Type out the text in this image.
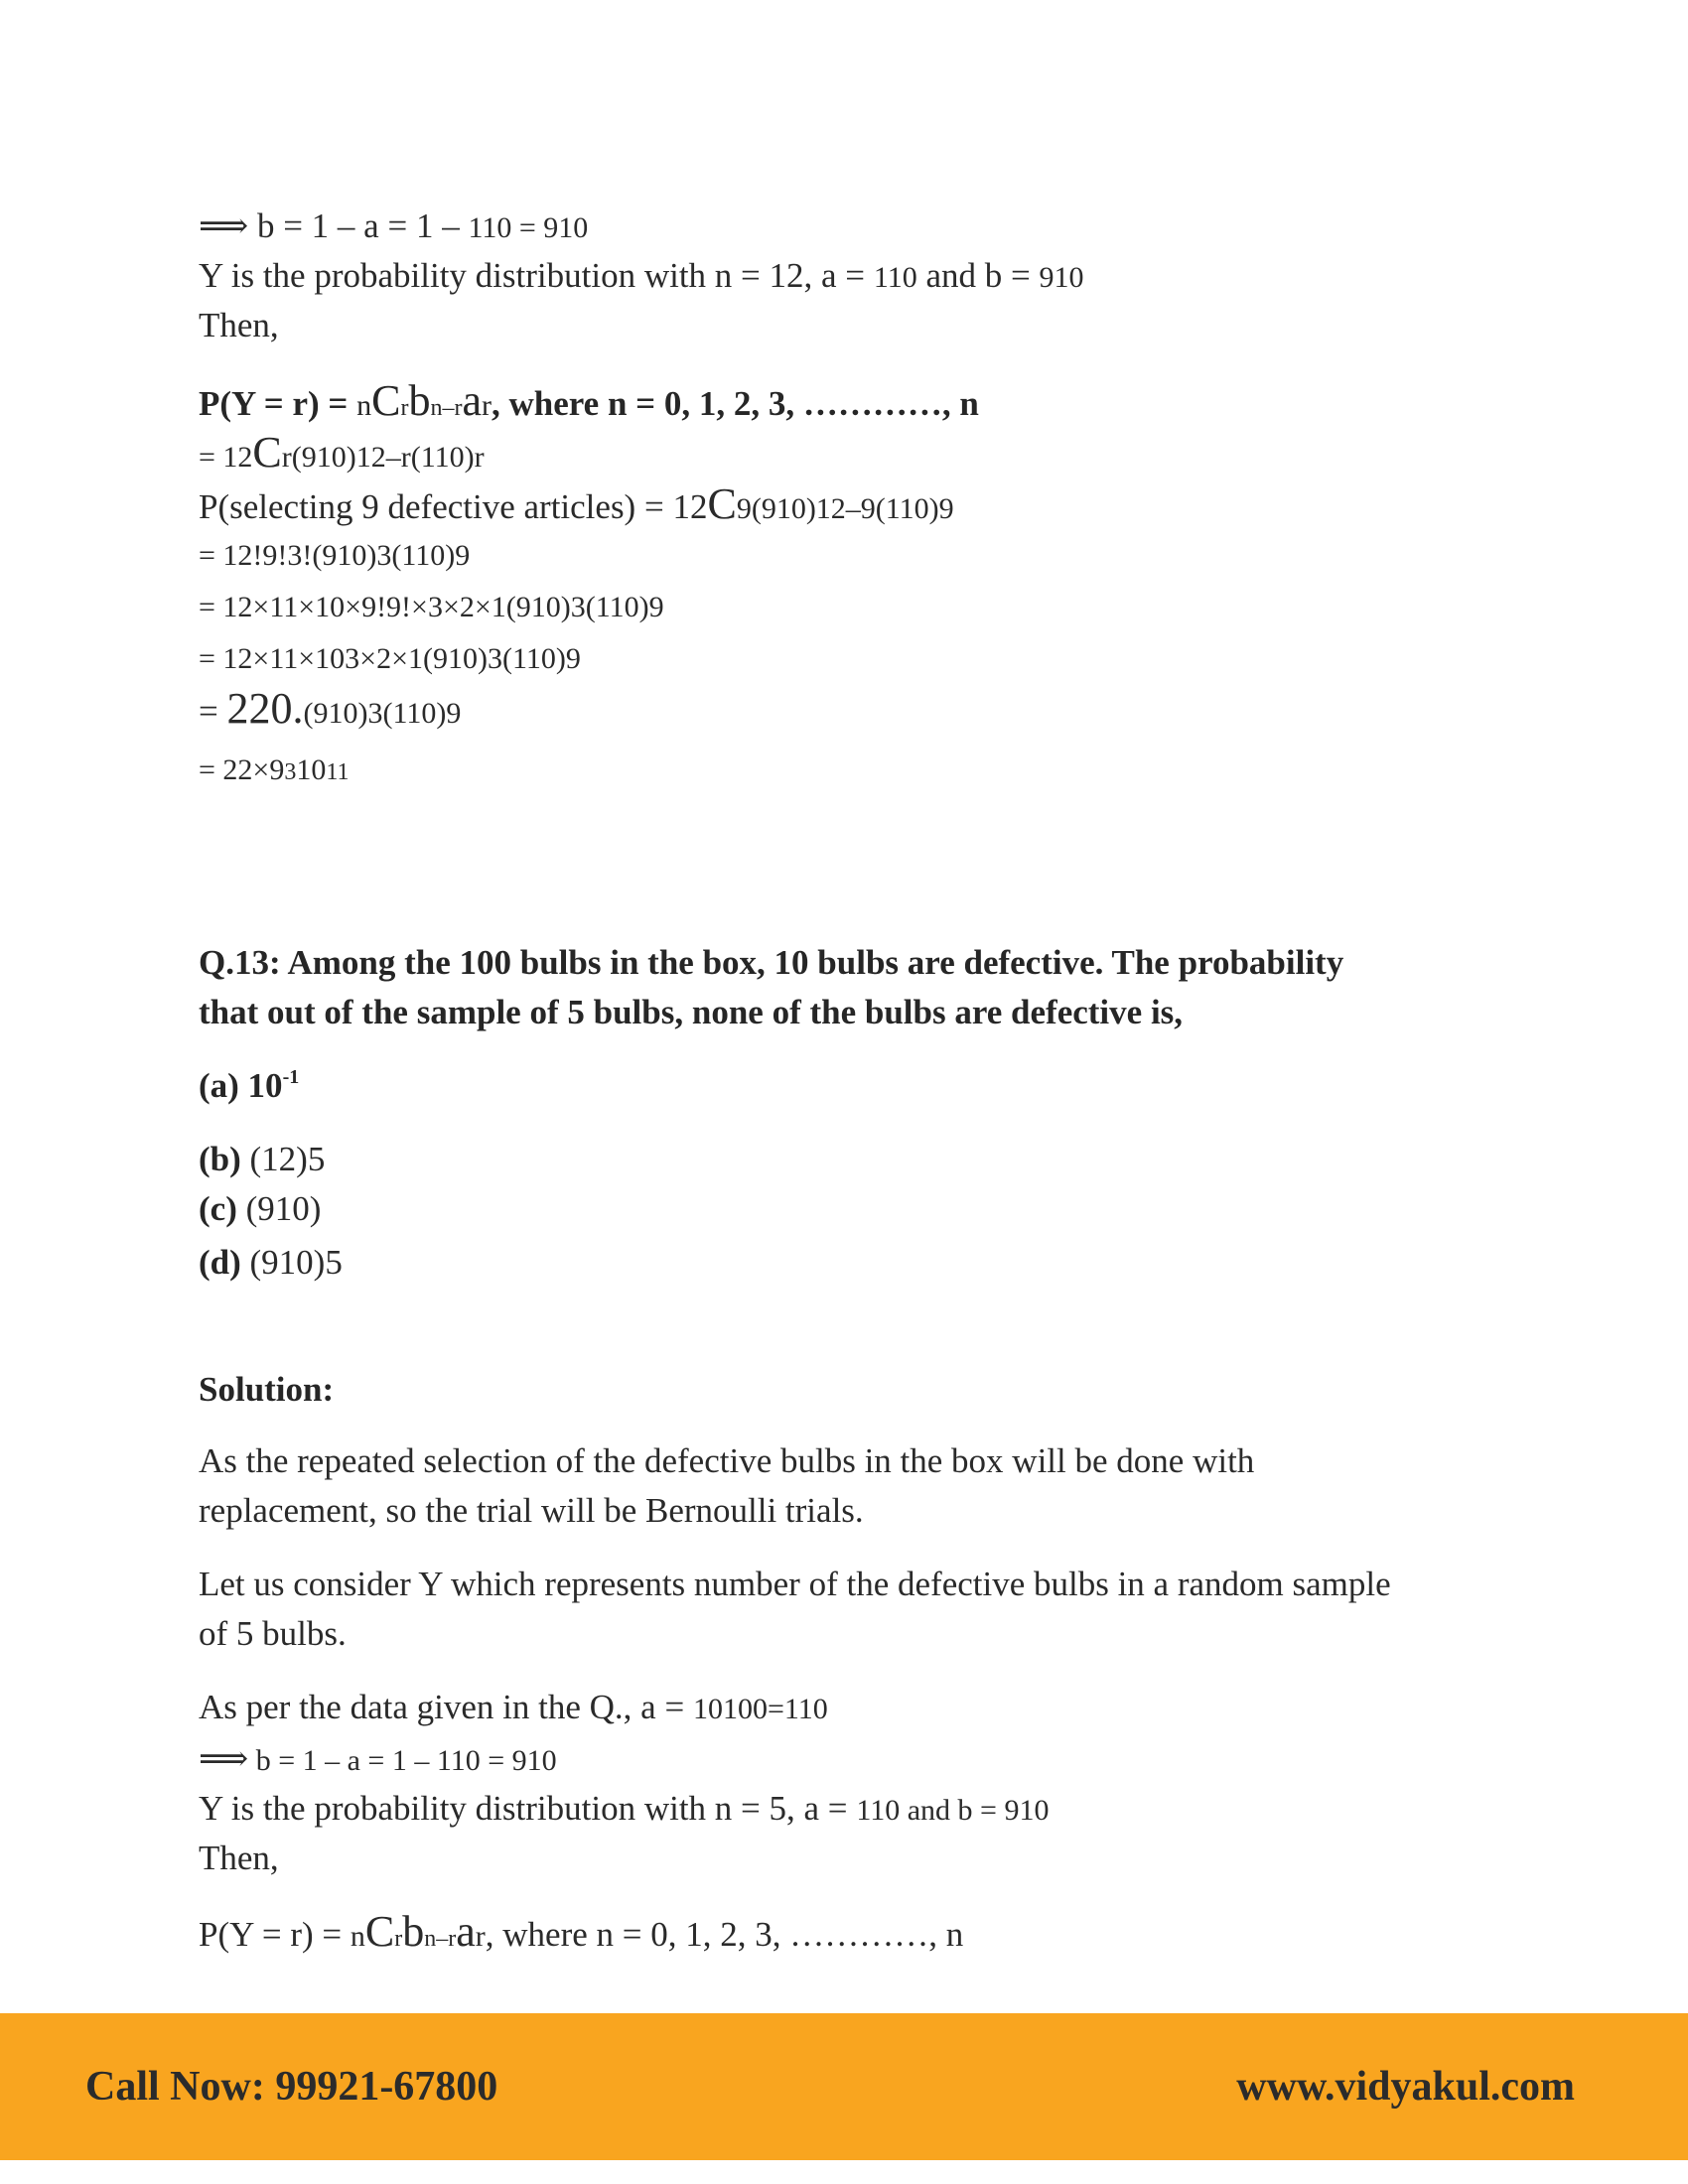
⟹ b = 1 – a = 1 – 110 = 910
Y is the probability distribution with n = 12, a = 110 and b = 910
Then,
P(Y = r) = nCrbn–rar, where n = 0, 1, 2, 3, …………, n
= 12Cr(910)12–r(110)r
P(selecting 9 defective articles) = 12C9(910)12–9(110)9
= 12!9!3!(910)3(110)9
= 12×11×10×9!9!×3×2×1(910)3(110)9
= 12×11×103×2×1(910)3(110)9
= 220.(910)3(110)9
= 22×931011
Q.13: Among the 100 bulbs in the box, 10 bulbs are defective. The probability
that out of the sample of 5 bulbs, none of the bulbs are defective is,
(a) $10^{-1}$
(b) (12)5
(c) (910)
(d) (910)5
Solution:
As the repeated selection of the defective bulbs in the box will be done with
replacement, so the trial will be Bernoulli trials.
Let us consider Y which represents number of the defective bulbs in a random sample
of 5 bulbs.
As per the data given in the Q., a = 10100=110
⟹ b = 1 – a = 1 – 110 = 910
Y is the probability distribution with n = 5, a = 110 and b = 910
Then,
P(Y = r) = nCrbn–rar, where n = 0, 1, 2, 3, …………, n
Call Now: 99921-67800	www.vidyakul.com
